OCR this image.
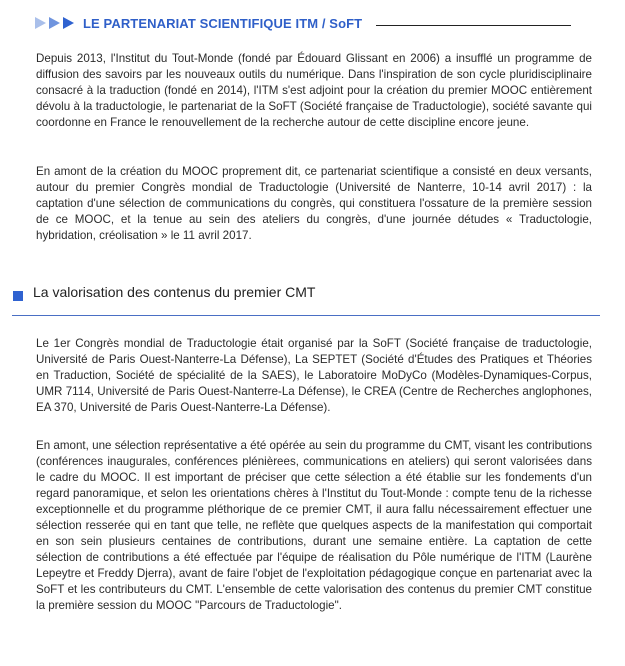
LE PARTENARIAT SCIENTIFIQUE ITM / SoFT

Depuis 2013, l'Institut du Tout-Monde (fondé par Édouard Glissant en 2006) a insufflé un programme de diffusion des savoirs par les nouveaux outils du numérique. Dans l'inspiration de son cycle pluridisciplinaire consacré à la traduction (fondé en 2014), l'ITM s'est adjoint pour la création du premier MOOC entièrement dévolu à la traductologie, le partenariat de la SoFT (Société française de Traductologie), société savante qui coordonne en France le renouvellement de la recherche autour de cette discipline encore jeune.

En amont de la création du MOOC proprement dit, ce partenariat scientifique a consisté en deux versants, autour du premier Congrès mondial de Traductologie (Université de Nanterre, 10-14 avril 2017) : la captation d'une sélection de communications du congrès, qui constituera l'ossature de la première session de ce MOOC, et la tenue au sein des ateliers du congrès, d'une journée détudes « Traductologie, hybridation, créolisation » le 11 avril 2017.

La valorisation des contenus du premier CMT

Le 1er Congrès mondial de Traductologie était organisé par la SoFT (Société française de traductologie, Université de Paris Ouest-Nanterre-La Défense), La SEPTET (Société d'Études des Pratiques et Théories en Traduction, Société de spécialité de la SAES), le Laboratoire MoDyCo (Modèles-Dynamiques-Corpus, UMR 7114, Université de Paris Ouest-Nanterre-La Défense), le CREA (Centre de Recherches anglophones, EA 370, Université de Paris Ouest-Nanterre-La Défense).

En amont, une sélection représentative a été opérée au sein du programme du CMT, visant les contributions (conférences inaugurales, conférences plénièrees, communications en ateliers) qui seront valorisées dans le cadre du MOOC. Il est important de préciser que cette sélection a été établie sur les fondements d'un regard panoramique, et selon les orientations chères à l'Institut du Tout-Monde : compte tenu de la richesse exceptionnelle et du programme pléthorique de ce premier CMT, il aura fallu nécessairement effectuer une sélection resserée qui en tant que telle, ne reflète que quelques aspects de la manifestation qui comportait en son sein plusieurs centaines de contributions, durant une semaine entière. La captation de cette sélection de contributions a été effectuée par l'équipe de réalisation du Pôle numérique de l'ITM (Laurène Lepeytre et Freddy Djerra), avant de faire l'objet de l'exploitation pédagogique conçue en partenariat avec la SoFT et les contributeurs du CMT. L'ensemble de cette valorisation des contenus du premier CMT constitue la première session du MOOC "Parcours de Traductologie".
